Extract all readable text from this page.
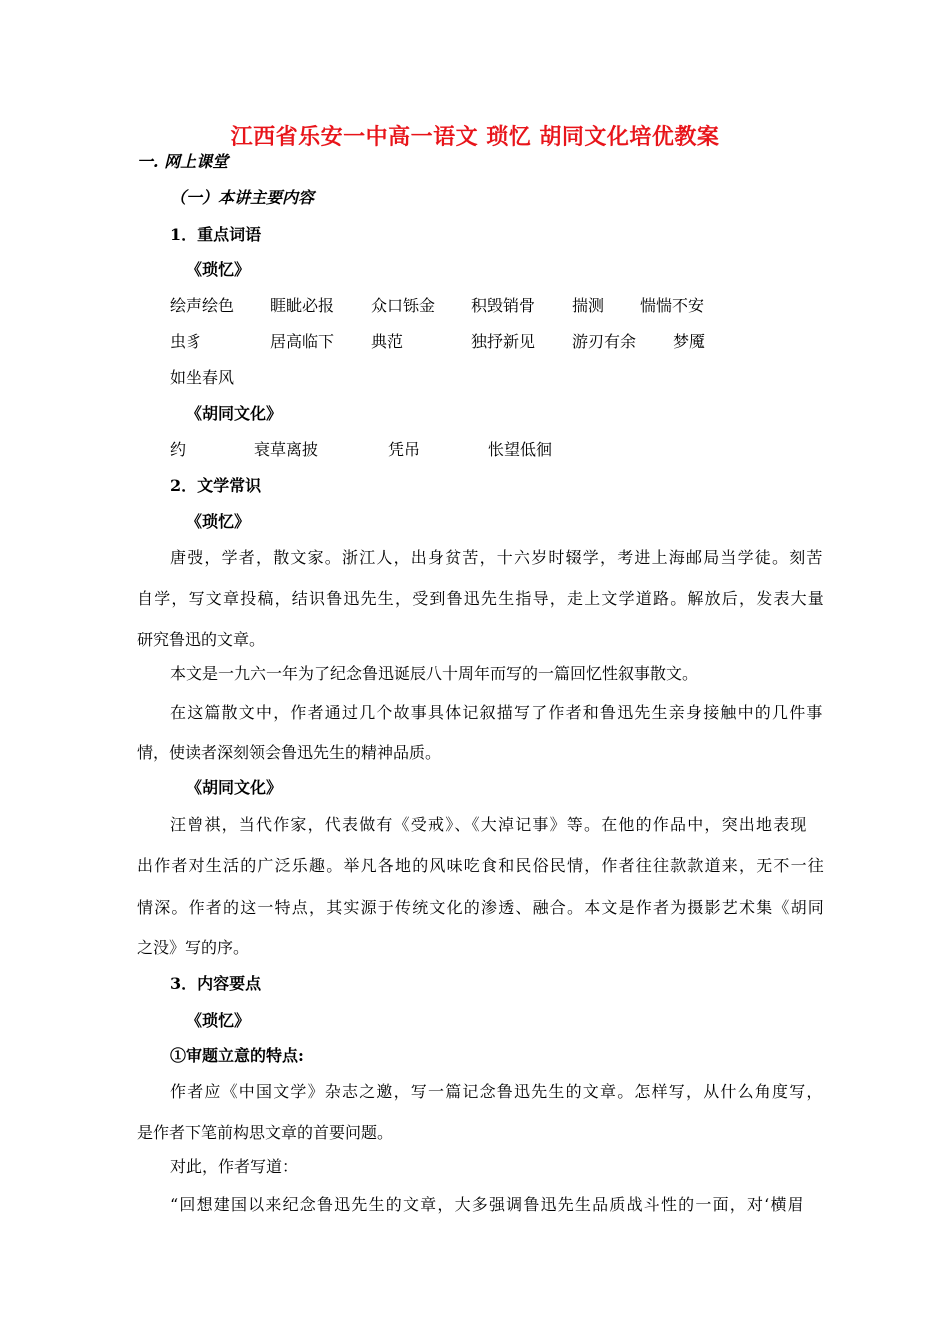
江西省乐安一中高一语文 琐忆 胡同文化培优教案
一. 网上课堂
（一）本讲主要内容
1．重点词语
《琐忆》
绘声绘色 睚眦必报 众口铄金 积毁销骨 揣测 惴惴不安
虫豸	居高临下 典范	独抒新见 游刃有余 梦魇
如坐春风
《胡同文化》
约	衰草离披	凭吊	怅望低徊
2．文学常识
《琐忆》
唐弢，学者，散文家。浙江人，出身贫苦，十六岁时辍学，考进上海邮局当学徒。刻苦
自学，写文章投稿，结识鲁迅先生，受到鲁迅先生指导，走上文学道路。解放后，发表大量
研究鲁迅的文章。
本文是一九六一年为了纪念鲁迅诞辰八十周年而写的一篇回忆性叙事散文。
在这篇散文中，作者通过几个故事具体记叙描写了作者和鲁迅先生亲身接触中的几件事
情，使读者深刻领会鲁迅先生的精神品质。
《胡同文化》
汪曾祺，当代作家，代表做有《受戒》、《大淖记事》等。在他的作品中，突出地表现
出作者对生活的广泛乐趣。举凡各地的风味吃食和民俗民情，作者往往款款道来，无不一往
情深。作者的这一特点，其实源于传统文化的渗透、融合。本文是作者为摄影艺术集《胡同
之没》写的序。
3．内容要点
《琐忆》
①审题立意的特点:
作者应《中国文学》杂志之邀，写一篇记念鲁迅先生的文章。怎样写，从什么角度写，
是作者下笔前构思文章的首要问题。
对此，作者写道：
“回想建国以来纪念鲁迅先生的文章，大多强调鲁迅先生品质战斗性的一面，对‘横眉
